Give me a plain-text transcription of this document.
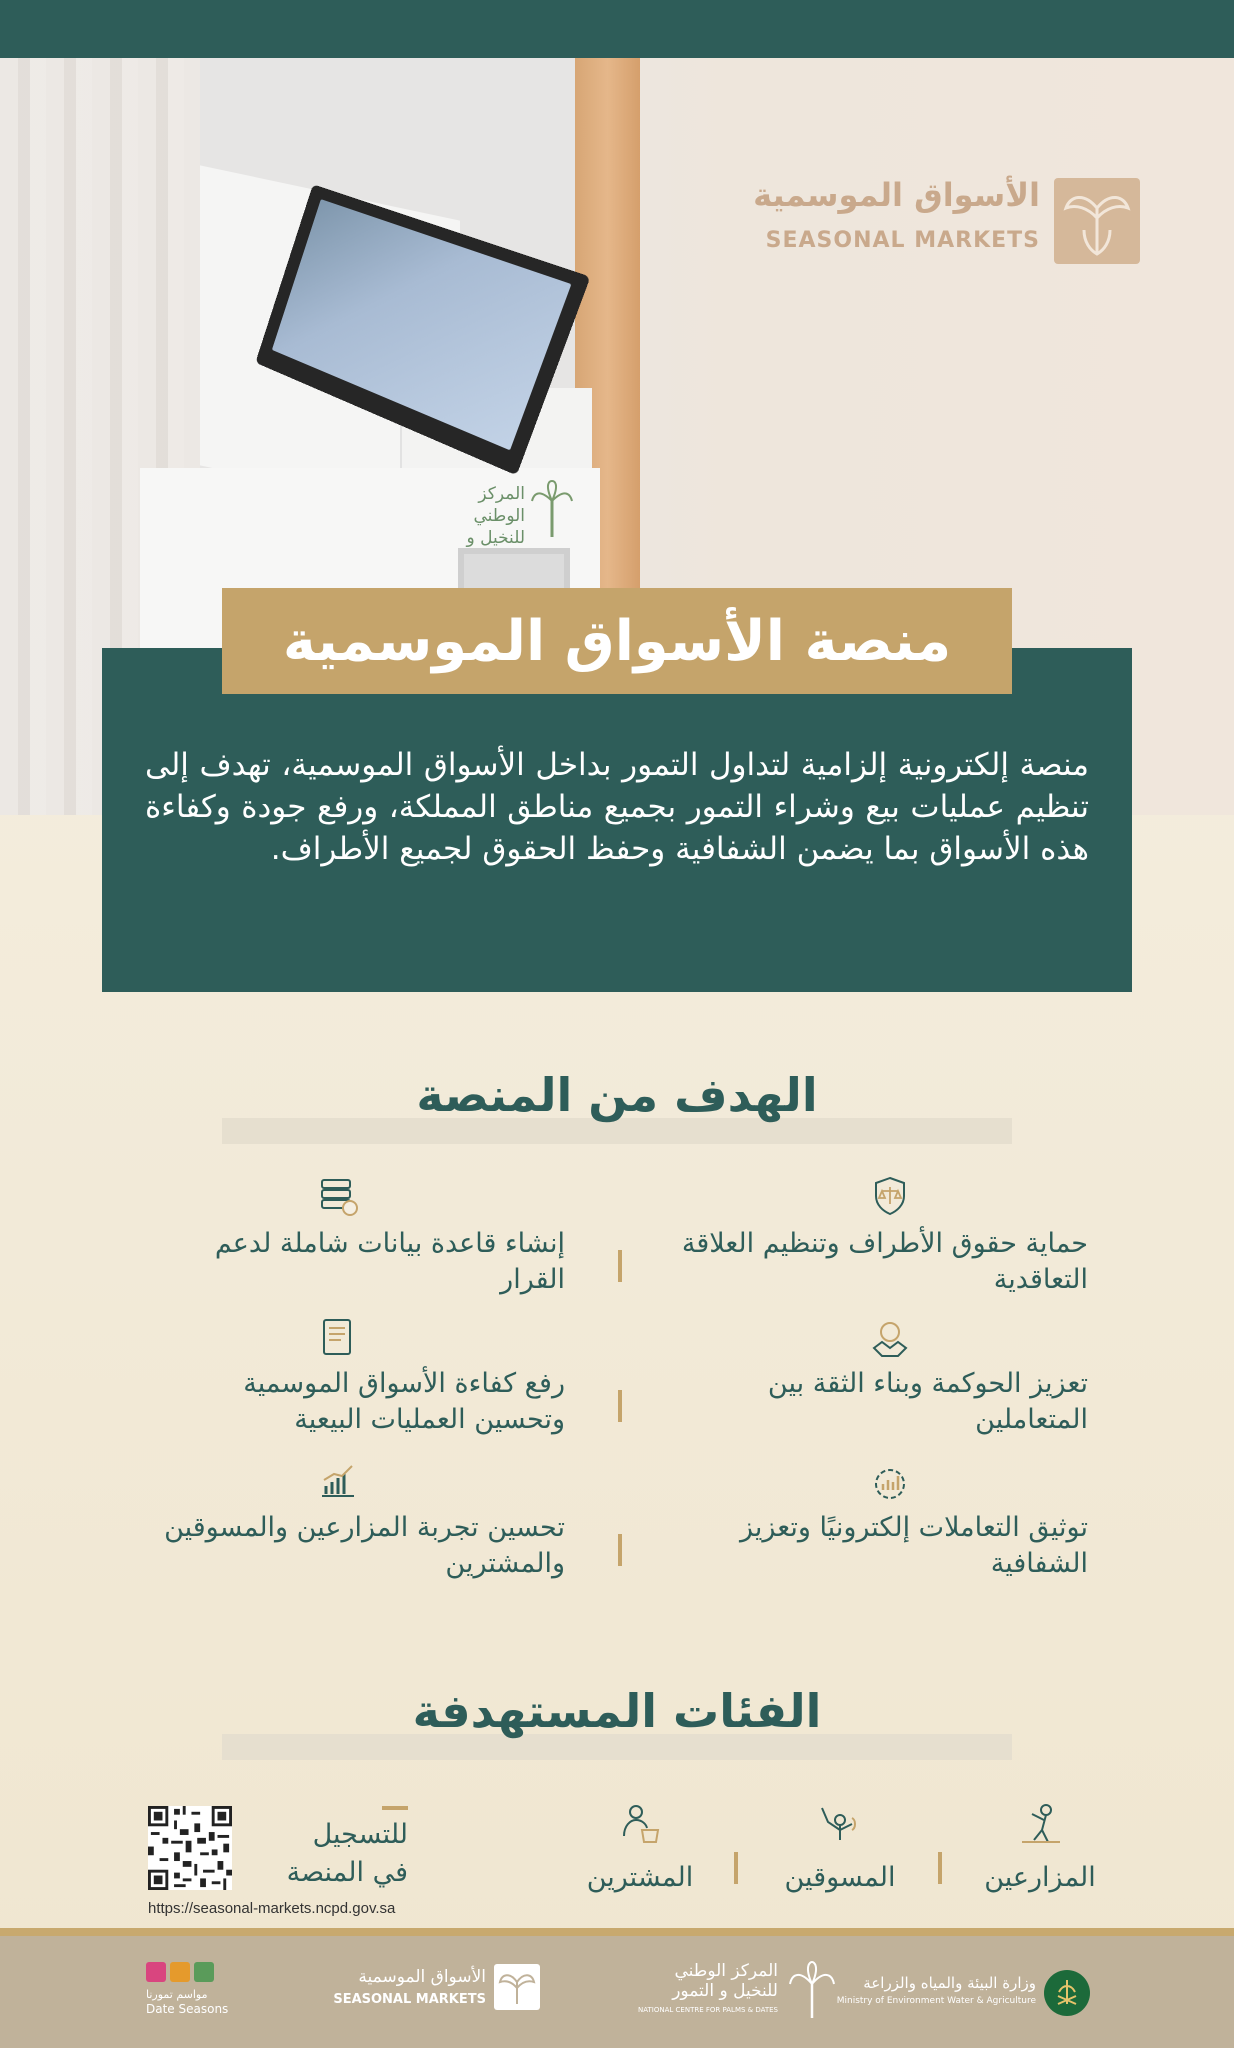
المركز الوطني للنخيل و
الأسواق الموسمية
SEASONAL MARKETS
منصة الأسواق الموسمية
منصة إلكترونية إلزامية لتداول التمور بداخل الأسواق الموسمية، تهدف إلى تنظيم عمليات بيع وشراء التمور بجميع مناطق المملكة، ورفع جودة وكفاءة هذه الأسواق بما يضمن الشفافية وحفظ الحقوق لجميع الأطراف.
الهدف من المنصة
حماية حقوق الأطراف وتنظيم العلاقة التعاقدية
إنشاء قاعدة بيانات شاملة لدعم القرار
تعزيز الحوكمة وبناء الثقة بين المتعاملين
رفع كفاءة الأسواق الموسمية وتحسين العمليات البيعية
توثيق التعاملات إلكترونيًا وتعزيز الشفافية
تحسين تجربة المزارعين والمسوقين والمشترين
الفئات المستهدفة
المزارعين
المسوقين
المشترين
للتسجيل
في المنصة
https://seasonal-markets.ncpd.gov.sa
وزارة البيئة والمياه والزراعة
Ministry of Environment Water & Agriculture
المركز الوطني
للنخيل و التمور
NATIONAL CENTRE FOR PALMS & DATES
الأسواق الموسمية
SEASONAL MARKETS
مواسم تمورنا
Date Seasons
